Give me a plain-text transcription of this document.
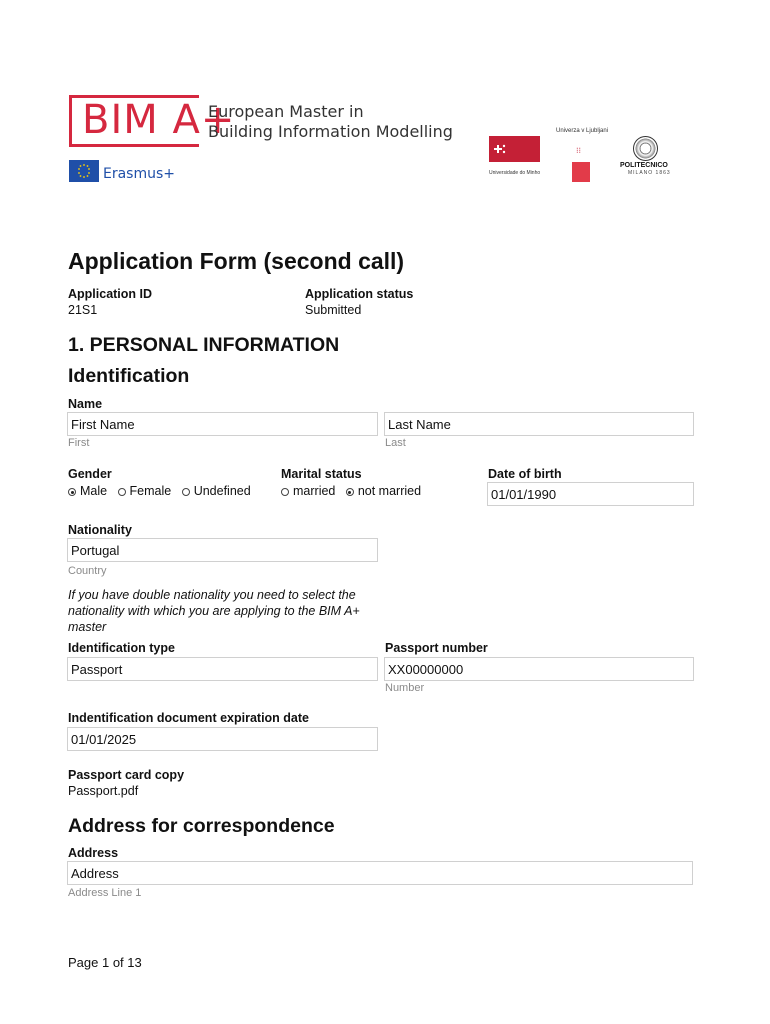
BIM A+
European Master in
Building Information Modelling
Erasmus+	Universidade do Minho
Univerza v Ljubljani
⁝⁝
POLITECNICO
MILANO 1863
Application Form (second call)
Application ID
21S1
Application status
Submitted
1. PERSONAL INFORMATION
Identification
Name
First Name
First
Last Name
Last
Gender
Male Female Undefined
Marital status
married not married
Date of birth
01/01/1990
Nationality
Portugal
Country
If you have double nationality you need to select the nationality with which you are applying to the BIM A+ master
Identification type
Passport
Passport number
XX00000000
Number
Indentification document expiration date
01/01/2025
Passport card copy
Passport.pdf
Address for correspondence
Address
Address
Address Line 1
Page 1 of 13
